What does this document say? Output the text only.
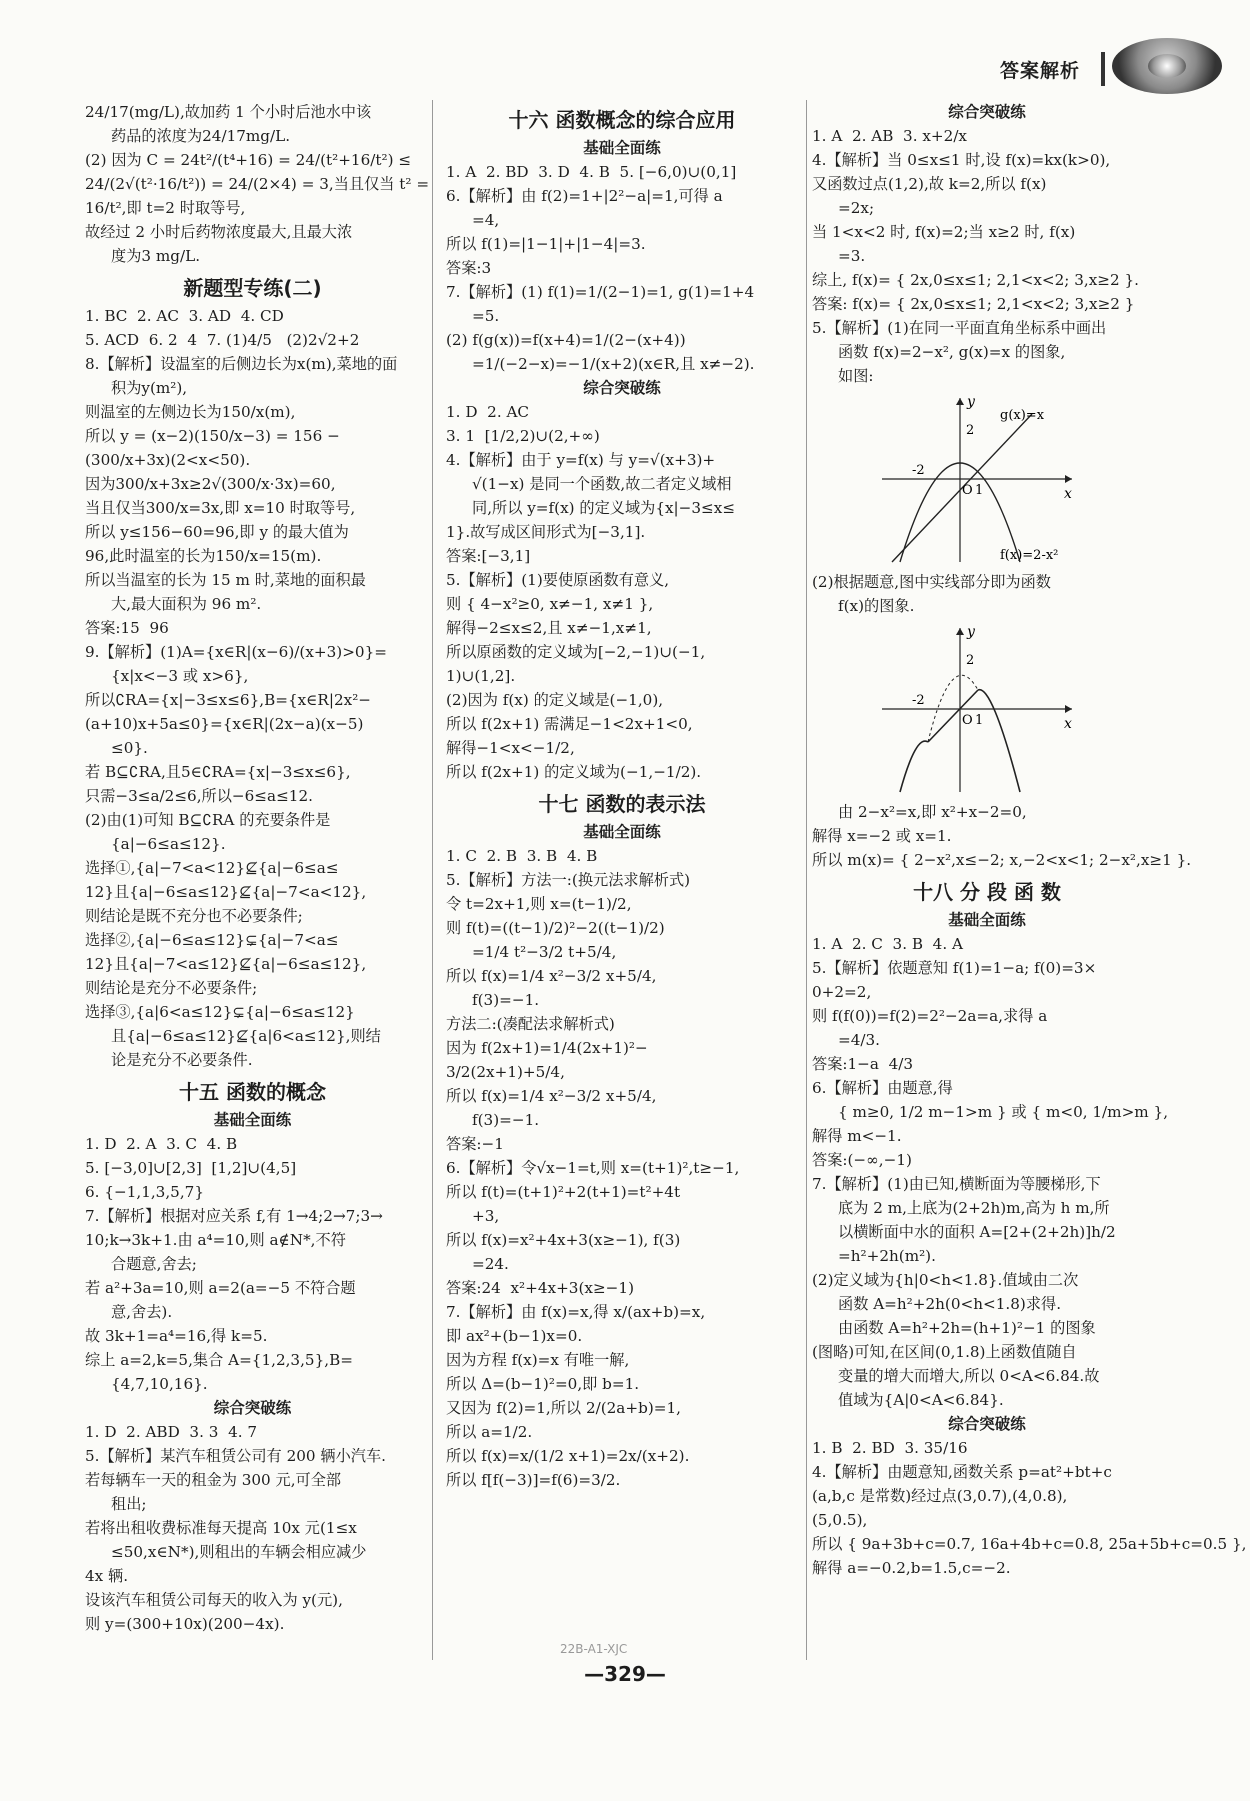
答案解析
24/17(mg/L),故加药 1 个小时后池水中该
药品的浓度为24/17mg/L.
(2) 因为 C = 24t²/(t⁴+16) = 24/(t²+16/t²) ≤
24/(2√(t²·16/t²)) = 24/(2×4) = 3,当且仅当 t² =
16/t²,即 t=2 时取等号,
故经过 2 小时后药物浓度最大,且最大浓
度为3 mg/L.
新题型专练(二)
1. BC  2. AC  3. AD  4. CD
5. ACD  6. 2  4  7. (1)4/5   (2)2√2+2
8.【解析】设温室的后侧边长为x(m),菜地的面
积为y(m²),
则温室的左侧边长为150/x(m),
所以 y = (x−2)(150/x−3) = 156 −
(300/x+3x)(2<x<50).
因为300/x+3x≥2√(300/x·3x)=60,
当且仅当300/x=3x,即 x=10 时取等号,
所以 y≤156−60=96,即 y 的最大值为
96,此时温室的长为150/x=15(m).
所以当温室的长为 15 m 时,菜地的面积最
大,最大面积为 96 m².
答案:15  96
9.【解析】(1)A={x∈R|(x−6)/(x+3)>0}=
{x|x<−3 或 x>6},
所以∁RA={x|−3≤x≤6},B={x∈R|2x²−
(a+10)x+5a≤0}={x∈R|(2x−a)(x−5)
≤0}.
若 B⊆∁RA,且5∈∁RA={x|−3≤x≤6},
只需−3≤a/2≤6,所以−6≤a≤12.
(2)由(1)可知 B⊆∁RA 的充要条件是
{a|−6≤a≤12}.
选择①,{a|−7<a<12}⊈{a|−6≤a≤
12}且{a|−6≤a≤12}⊈{a|−7<a<12},
则结论是既不充分也不必要条件;
选择②,{a|−6≤a≤12}⊊{a|−7<a≤
12}且{a|−7<a≤12}⊈{a|−6≤a≤12},
则结论是充分不必要条件;
选择③,{a|6<a≤12}⊊{a|−6≤a≤12}
且{a|−6≤a≤12}⊈{a|6<a≤12},则结
论是充分不必要条件.
十五 函数的概念
基础全面练
1. D  2. A  3. C  4. B
5. [−3,0]∪[2,3]  [1,2]∪(4,5]
6. {−1,1,3,5,7}
7.【解析】根据对应关系 f,有 1→4;2→7;3→
10;k→3k+1.由 a⁴=10,则 a∉N*,不符
合题意,舍去;
若 a²+3a=10,则 a=2(a=−5 不符合题
意,舍去).
故 3k+1=a⁴=16,得 k=5.
综上 a=2,k=5,集合 A={1,2,3,5},B=
{4,7,10,16}.
综合突破练
1. D  2. ABD  3. 3  4. 7
5.【解析】某汽车租赁公司有 200 辆小汽车.
若每辆车一天的租金为 300 元,可全部
租出;
若将出租收费标准每天提高 10x 元(1≤x
≤50,x∈N*),则租出的车辆会相应减少
4x 辆.
设该汽车租赁公司每天的收入为 y(元),
则 y=(300+10x)(200−4x).
十六 函数概念的综合应用
基础全面练
1. A  2. BD  3. D  4. B  5. [−6,0)∪(0,1]
6.【解析】由 f(2)=1+|2²−a|=1,可得 a
=4,
所以 f(1)=|1−1|+|1−4|=3.
答案:3
7.【解析】(1) f(1)=1/(2−1)=1, g(1)=1+4
=5.
(2) f(g(x))=f(x+4)=1/(2−(x+4))
=1/(−2−x)=−1/(x+2)(x∈R,且 x≠−2).
综合突破练
1. D  2. AC
3. 1  [1/2,2)∪(2,+∞)
4.【解析】由于 y=f(x) 与 y=√(x+3)+
√(1−x) 是同一个函数,故二者定义域相
同,所以 y=f(x) 的定义域为{x|−3≤x≤
1}.故写成区间形式为[−3,1].
答案:[−3,1]
5.【解析】(1)要使原函数有意义,
则 { 4−x²≥0, x≠−1, x≠1 },
解得−2≤x≤2,且 x≠−1,x≠1,
所以原函数的定义域为[−2,−1)∪(−1,
1)∪(1,2].
(2)因为 f(x) 的定义域是(−1,0),
所以 f(2x+1) 需满足−1<2x+1<0,
解得−1<x<−1/2,
所以 f(2x+1) 的定义域为(−1,−1/2).
十七 函数的表示法
基础全面练
1. C  2. B  3. B  4. B
5.【解析】方法一:(换元法求解析式)
令 t=2x+1,则 x=(t−1)/2,
则 f(t)=((t−1)/2)²−2((t−1)/2)
=1/4 t²−3/2 t+5/4,
所以 f(x)=1/4 x²−3/2 x+5/4,
f(3)=−1.
方法二:(凑配法求解析式)
因为 f(2x+1)=1/4(2x+1)²−
3/2(2x+1)+5/4,
所以 f(x)=1/4 x²−3/2 x+5/4,
f(3)=−1.
答案:−1
6.【解析】令√x−1=t,则 x=(t+1)²,t≥−1,
所以 f(t)=(t+1)²+2(t+1)=t²+4t
+3,
所以 f(x)=x²+4x+3(x≥−1), f(3)
=24.
答案:24  x²+4x+3(x≥−1)
7.【解析】由 f(x)=x,得 x/(ax+b)=x,
即 ax²+(b−1)x=0.
因为方程 f(x)=x 有唯一解,
所以 Δ=(b−1)²=0,即 b=1.
又因为 f(2)=1,所以 2/(2a+b)=1,
所以 a=1/2.
所以 f(x)=x/(1/2 x+1)=2x/(x+2).
所以 f[f(−3)]=f(6)=3/2.
综合突破练
1. A  2. AB  3. x+2/x
4.【解析】当 0≤x≤1 时,设 f(x)=kx(k>0),
又函数过点(1,2),故 k=2,所以 f(x)
=2x;
当 1<x<2 时, f(x)=2;当 x≥2 时, f(x)
=3.
综上, f(x)= { 2x,0≤x≤1; 2,1<x<2; 3,x≥2 }.
答案: f(x)= { 2x,0≤x≤1; 2,1<x<2; 3,x≥2 }
5.【解析】(1)在同一平面直角坐标系中画出
函数 f(x)=2−x², g(x)=x 的图象,
如图:
y
x
g(x)=x
f(x)=2-x²
2
-2
O 1
(2)根据题意,图中实线部分即为函数
f(x)的图象.
y
x
2
-2
O 1
由 2−x²=x,即 x²+x−2=0,
解得 x=−2 或 x=1.
所以 m(x)= { 2−x²,x≤−2; x,−2<x<1; 2−x²,x≥1 }.
十八 分 段 函 数
基础全面练
1. A  2. C  3. B  4. A
5.【解析】依题意知 f(1)=1−a; f(0)=3×
0+2=2,
则 f(f(0))=f(2)=2²−2a=a,求得 a
=4/3.
答案:1−a  4/3
6.【解析】由题意,得
{ m≥0, 1/2 m−1>m } 或 { m<0, 1/m>m },
解得 m<−1.
答案:(−∞,−1)
7.【解析】(1)由已知,横断面为等腰梯形,下
底为 2 m,上底为(2+2h)m,高为 h m,所
以横断面中水的面积 A=[2+(2+2h)]h/2
=h²+2h(m²).
(2)定义域为{h|0<h<1.8}.值域由二次
函数 A=h²+2h(0<h<1.8)求得.
由函数 A=h²+2h=(h+1)²−1 的图象
(图略)可知,在区间(0,1.8)上函数值随自
变量的增大而增大,所以 0<A<6.84.故
值域为{A|0<A<6.84}.
综合突破练
1. B  2. BD  3. 35/16
4.【解析】由题意知,函数关系 p=at²+bt+c
(a,b,c 是常数)经过点(3,0.7),(4,0.8),
(5,0.5),
所以 { 9a+3b+c=0.7, 16a+4b+c=0.8, 25a+5b+c=0.5 },
解得 a=−0.2,b=1.5,c=−2.
22B-A1-XJC
—329—
